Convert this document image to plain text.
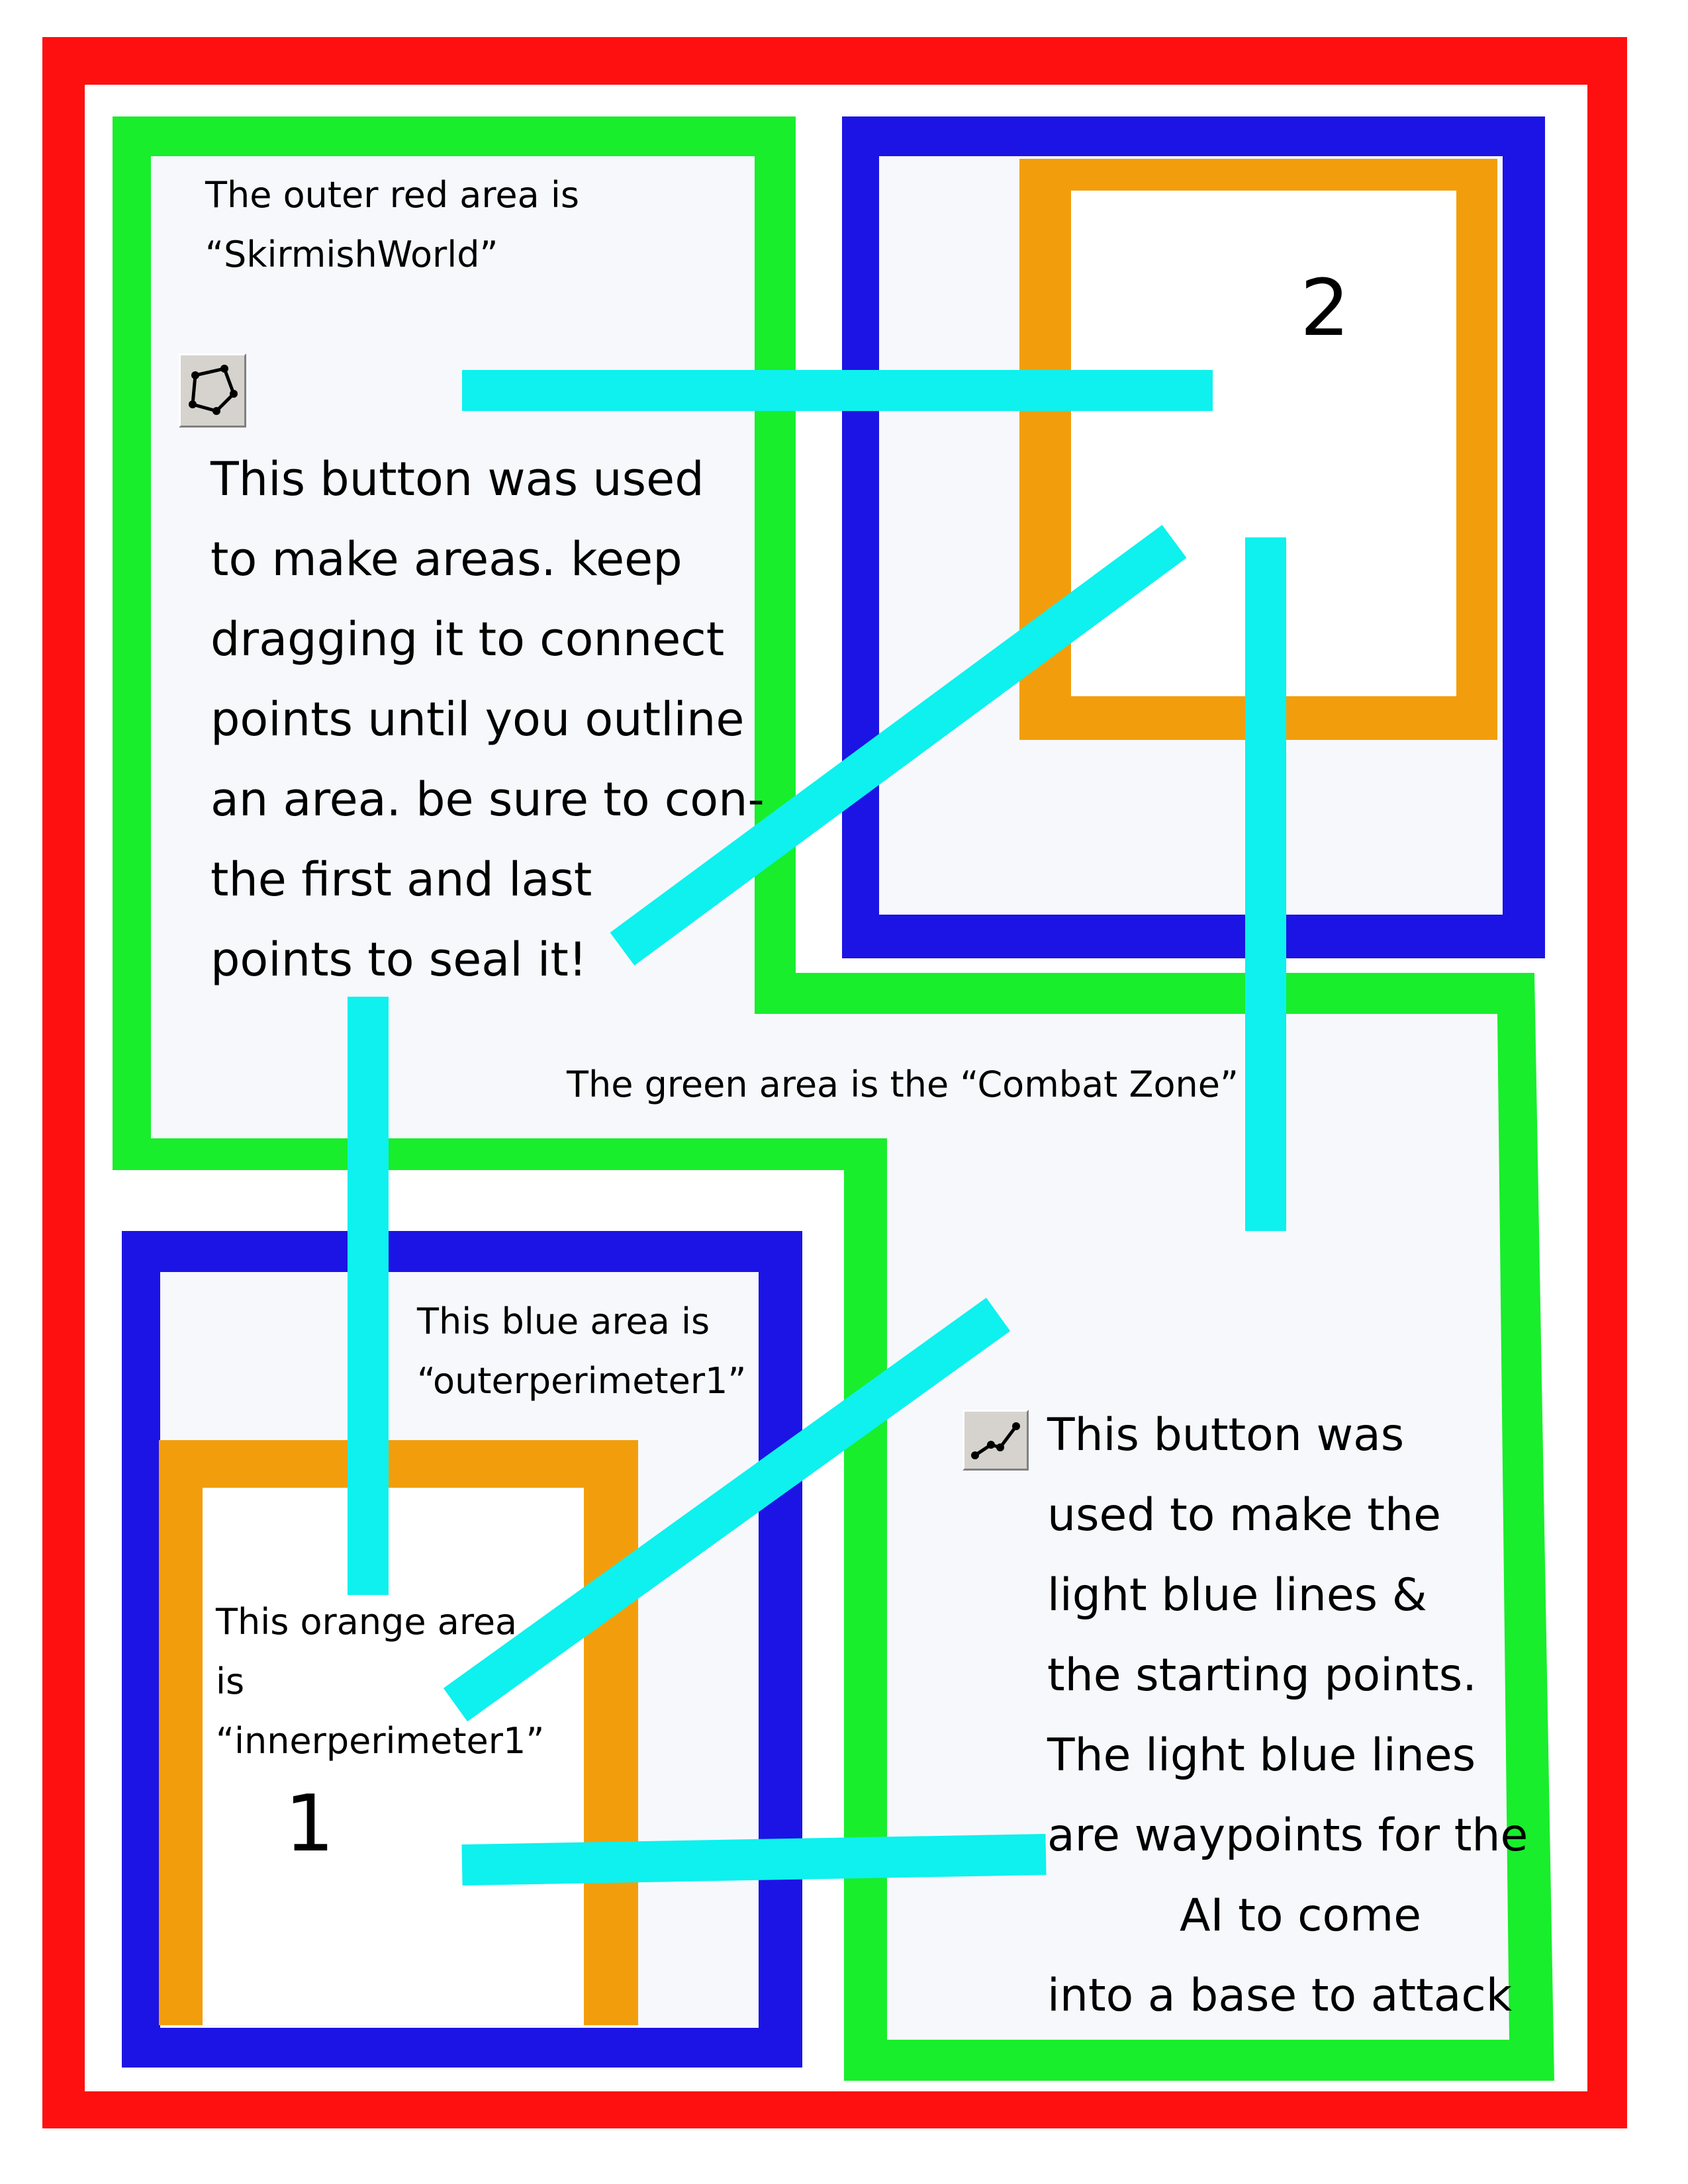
The outer red area is
“SkirmishWorld”
This button was used
to make areas. keep
dragging it to connect
points until you outline
an area. be sure to con-
the first and last
points to seal it!
2
The green area is the “Combat Zone”
This blue area is
“outerperimeter1”
This orange area
is
“innerperimeter1”
1
This button was
used to make the
light blue lines &
the starting points.
The light blue lines
are waypoints for the
AI to come
into a base to attack
